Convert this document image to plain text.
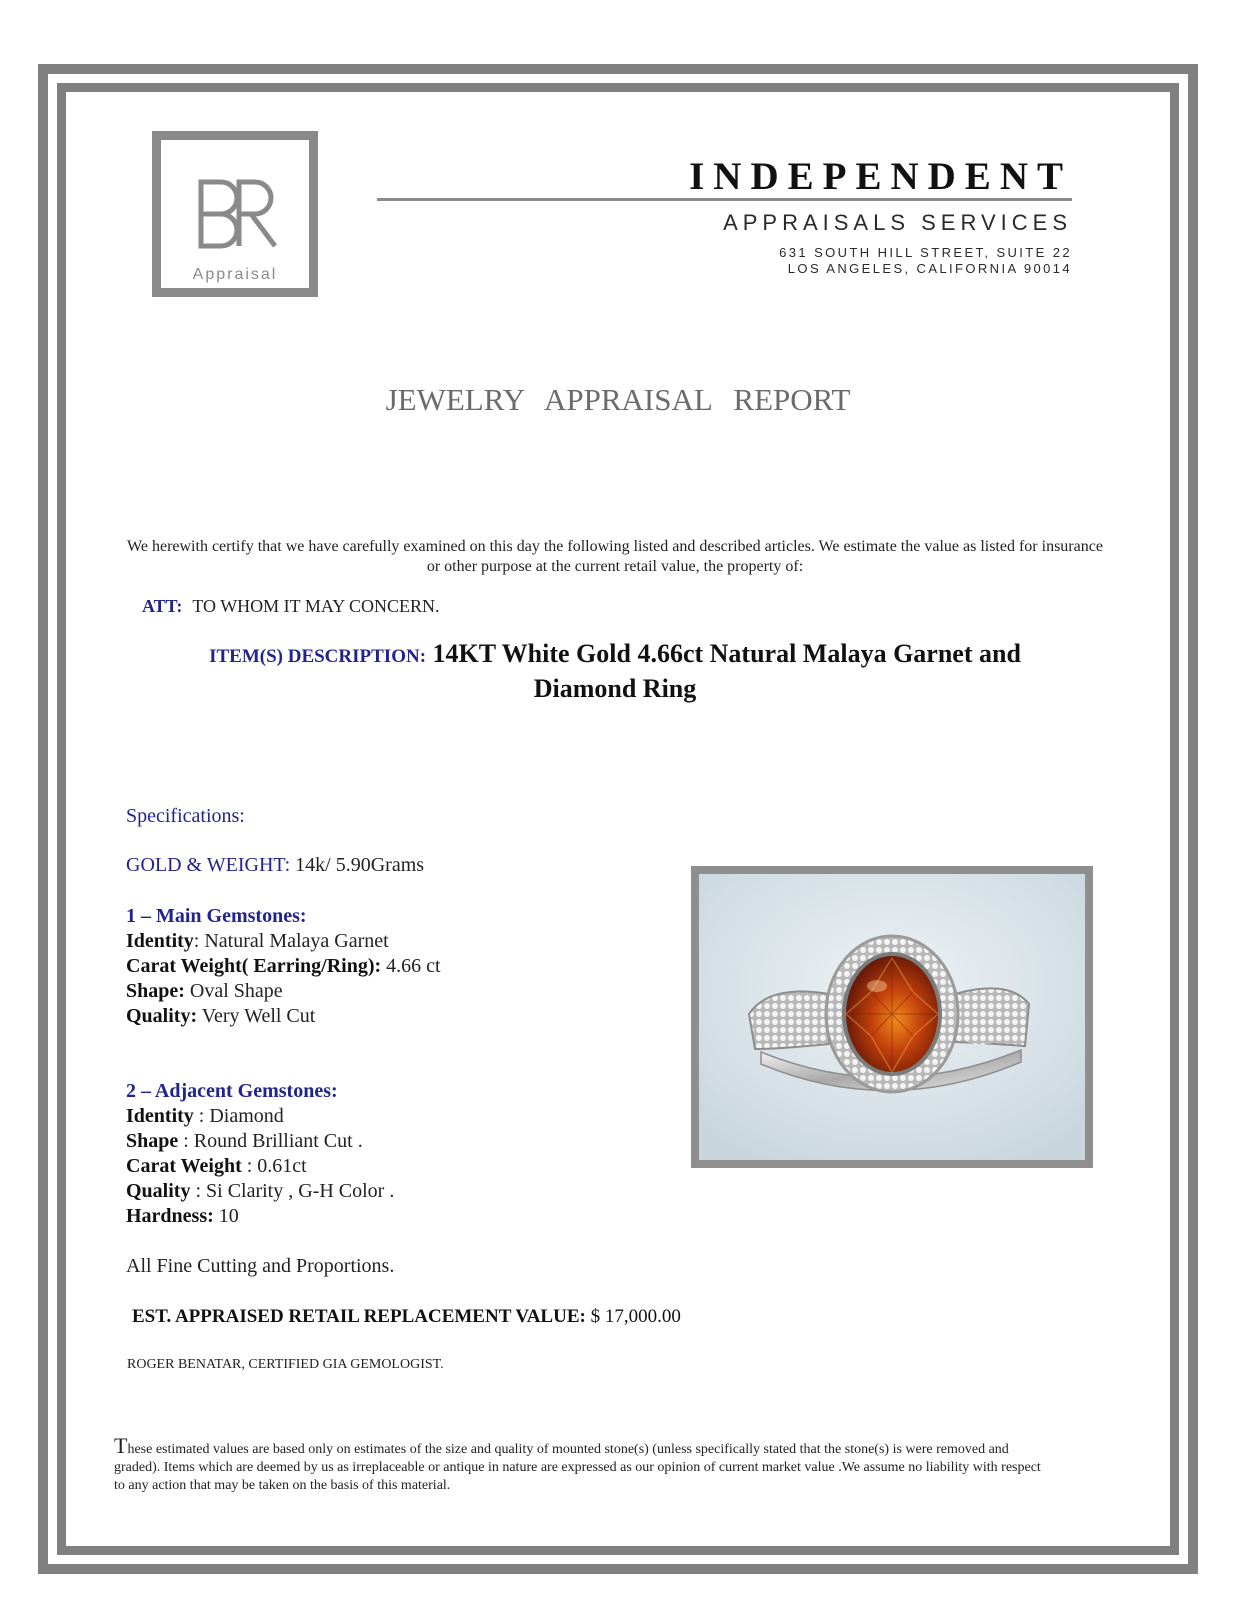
Appraisal
INDEPENDENT
APPRAISALS SERVICES
631 SOUTH HILL STREET, SUITE 22
LOS ANGELES, CALIFORNIA 90014
JEWELRY APPRAISAL REPORT
We herewith certify that we have carefully examined on this day the following listed and described articles. We estimate the value as listed for insurance or other purpose at the current retail value, the property of:
ATT: TO WHOM IT MAY CONCERN.
ITEM(S) DESCRIPTION: 14KT White Gold 4.66ct Natural Malaya Garnet and
Diamond Ring
Specifications:
GOLD & WEIGHT: 14k/ 5.90Grams
1 – Main Gemstones:
Identity: Natural Malaya Garnet
Carat Weight( Earring/Ring): 4.66 ct
Shape: Oval Shape
Quality: Very Well Cut
2 – Adjacent Gemstones:
Identity : Diamond
Shape : Round Brilliant Cut .
Carat Weight : 0.61ct
Quality : Si Clarity , G-H Color .
Hardness: 10
All Fine Cutting and Proportions.
EST. APPRAISED RETAIL REPLACEMENT VALUE: $ 17,000.00
ROGER BENATAR, CERTIFIED GIA GEMOLOGIST.
These estimated values are based only on estimates of the size and quality of mounted stone(s) (unless specifically stated that the stone(s) is were removed and graded). Items which are deemed by us as irreplaceable or antique in nature are expressed as our opinion of current market value .We assume no liability with respect to any action that may be taken on the basis of this material.
